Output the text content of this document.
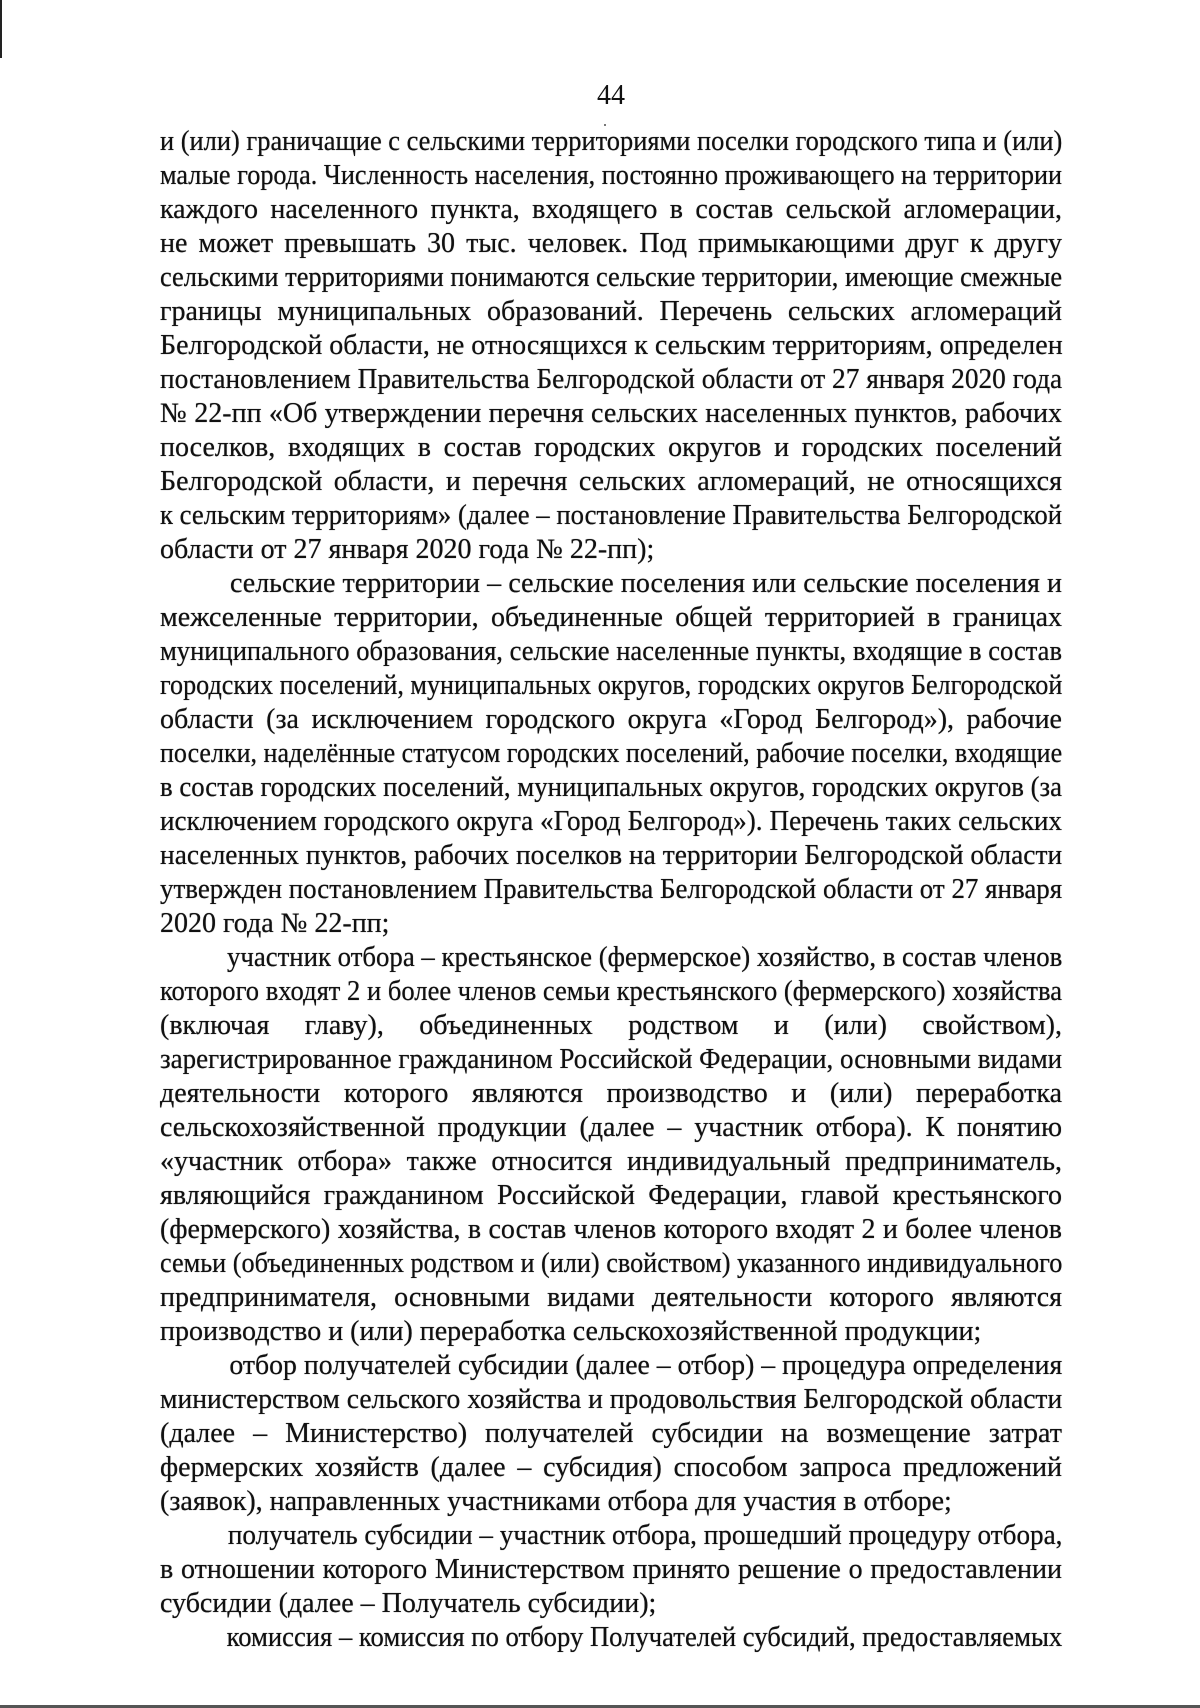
44
и (или) граничащие с сельскими территориями поселки городского типа и (или)
малые города. Численность населения, постоянно проживающего на территории
каждого населенного пункта, входящего в состав сельской агломерации,
не может превышать 30 тыс. человек. Под примыкающими друг к другу
сельскими территориями понимаются сельские территории, имеющие смежные
границы муниципальных образований. Перечень сельских агломераций
Белгородской области, не относящихся к сельским территориям, определен
постановлением Правительства Белгородской области от 27 января 2020 года
№ 22-пп «Об утверждении перечня сельских населенных пунктов, рабочих
поселков, входящих в состав городских округов и городских поселений
Белгородской области, и перечня сельских агломераций, не относящихся
к сельским территориям» (далее – постановление Правительства Белгородской
области от 27 января 2020 года № 22-пп);
сельские территории – сельские поселения или сельские поселения и
межселенные территории, объединенные общей территорией в границах
муниципального образования, сельские населенные пункты, входящие в состав
городских поселений, муниципальных округов, городских округов Белгородской
области (за исключением городского округа «Город Белгород»), рабочие
поселки, наделённые статусом городских поселений, рабочие поселки, входящие
в состав городских поселений, муниципальных округов, городских округов (за
исключением городского округа «Город Белгород»). Перечень таких сельских
населенных пунктов, рабочих поселков на территории Белгородской области
утвержден постановлением Правительства Белгородской области от 27 января
2020 года № 22-пп;
участник отбора – крестьянское (фермерское) хозяйство, в состав членов
которого входят 2 и более членов семьи крестьянского (фермерского) хозяйства
(включая главу), объединенных родством и (или) свойством),
зарегистрированное гражданином Российской Федерации, основными видами
деятельности которого являются производство и (или) переработка
сельскохозяйственной продукции (далее – участник отбора). К понятию
«участник отбора» также относится индивидуальный предприниматель,
являющийся гражданином Российской Федерации, главой крестьянского
(фермерского) хозяйства, в состав членов которого входят 2 и более членов
семьи (объединенных родством и (или) свойством) указанного индивидуального
предпринимателя, основными видами деятельности которого являются
производство и (или) переработка сельскохозяйственной продукции;
отбор получателей субсидии (далее – отбор) – процедура определения
министерством сельского хозяйства и продовольствия Белгородской области
(далее – Министерство) получателей субсидии на возмещение затрат
фермерских хозяйств (далее – субсидия) способом запроса предложений
(заявок), направленных участниками отбора для участия в отборе;
получатель субсидии – участник отбора, прошедший процедуру отбора,
в отношении которого Министерством принято решение о предоставлении
субсидии (далее – Получатель субсидии);
комиссия – комиссия по отбору Получателей субсидий, предоставляемых
